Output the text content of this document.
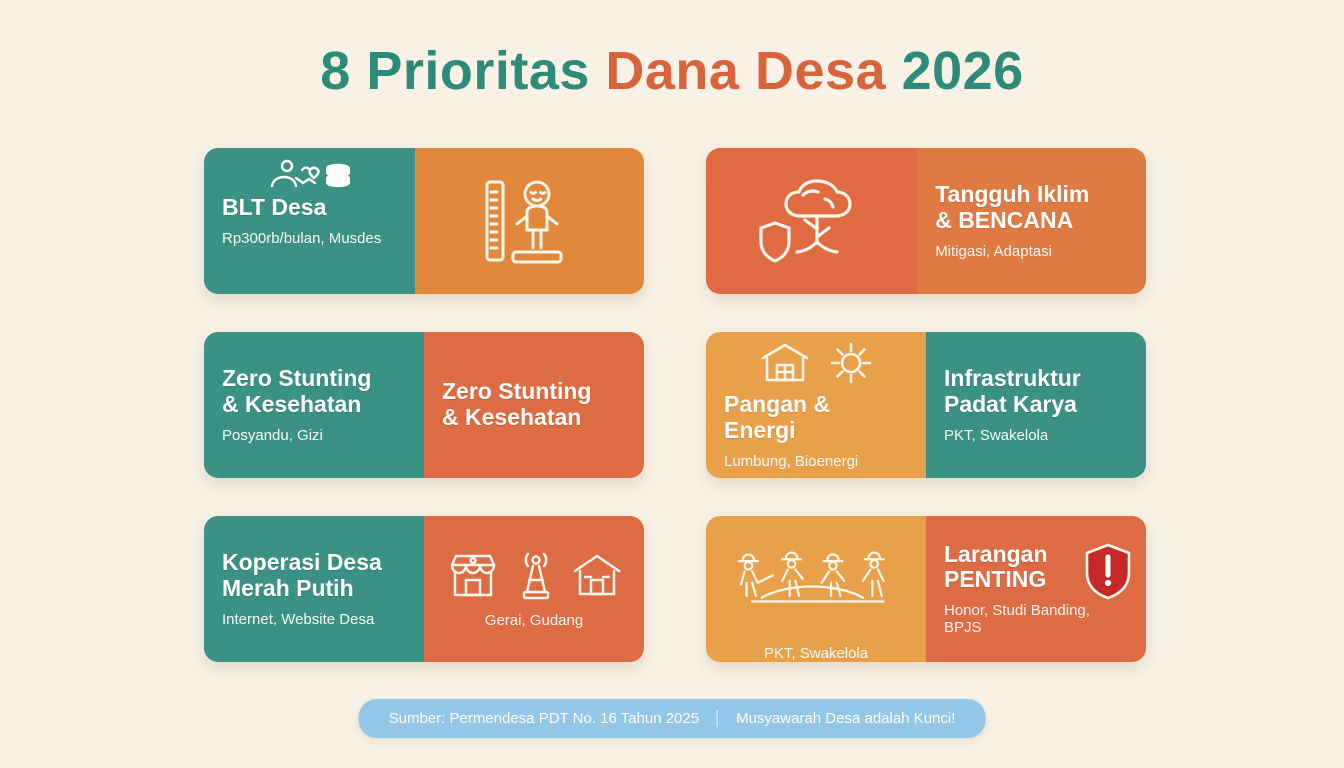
8 Prioritas Dana Desa 2026
BLT Desa
Rp300rb/bulan, Musdes
Tangguh Iklim
& BENCANA
Mitigasi, Adaptasi
Zero Stunting
& Kesehatan
Posyandu, Gizi
Zero Stunting
& Kesehatan	Pangan & Energi
Lumbung, Bioenergi
Infrastruktur
Padat Karya
PKT, Swakelola
Koperasi Desa
Merah Putih
Internet, Website Desa	Gerai, Gudang
PKT, Swakelola
Larangan
PENTING
Honor, Studi Banding, BPJS
Sumber: Permendesa PDT No. 16 Tahun 2025 Musyawarah Desa adalah Kunci!
